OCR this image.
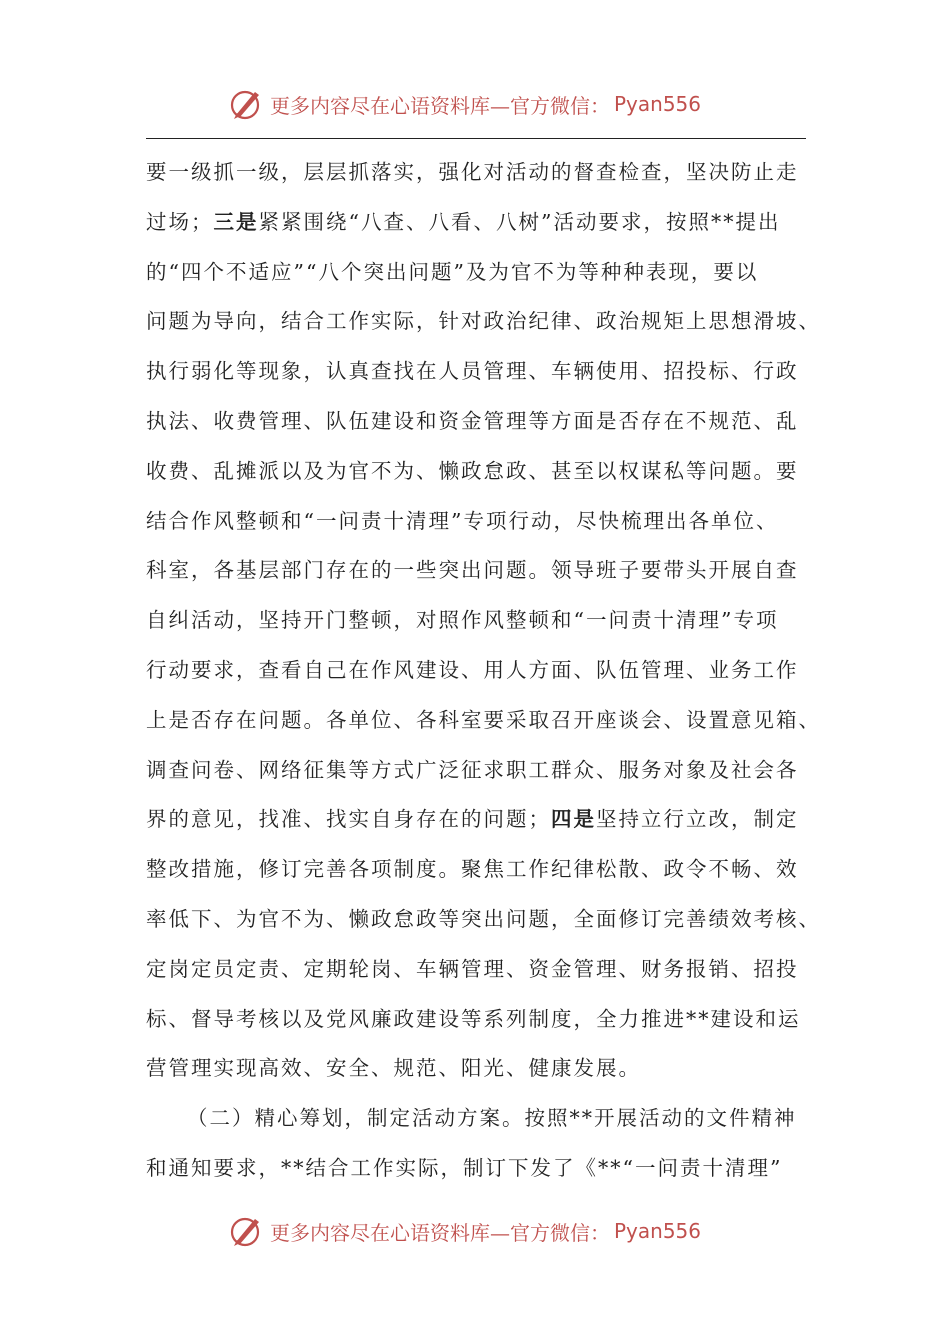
更多内容尽在心语资料库—官方微信： Pyan556
要一级抓一级，层层抓落实，强化对活动的督查检查，坚决防止走
过场；三是紧紧围绕“八查、八看、八树”活动要求，按照**提出
的“四个不适应”“八个突出问题”及为官不为等种种表现，要以
问题为导向，结合工作实际，针对政治纪律、政治规矩上思想滑坡、
执行弱化等现象，认真查找在人员管理、车辆使用、招投标、行政
执法、收费管理、队伍建设和资金管理等方面是否存在不规范、乱
收费、乱摊派以及为官不为、懒政怠政、甚至以权谋私等问题。要
结合作风整顿和“一问责十清理”专项行动，尽快梳理出各单位、
科室，各基层部门存在的一些突出问题。领导班子要带头开展自查
自纠活动，坚持开门整顿，对照作风整顿和“一问责十清理”专项
行动要求，查看自己在作风建设、用人方面、队伍管理、业务工作
上是否存在问题。各单位、各科室要采取召开座谈会、设置意见箱、
调查问卷、网络征集等方式广泛征求职工群众、服务对象及社会各
界的意见，找准、找实自身存在的问题；四是坚持立行立改，制定
整改措施，修订完善各项制度。聚焦工作纪律松散、政令不畅、效
率低下、为官不为、懒政怠政等突出问题，全面修订完善绩效考核、
定岗定员定责、定期轮岗、车辆管理、资金管理、财务报销、招投
标、督导考核以及党风廉政建设等系列制度，全力推进**建设和运
营管理实现高效、安全、规范、阳光、健康发展。
（二）精心筹划，制定活动方案。按照**开展活动的文件精神
和通知要求，**结合工作实际，制订下发了《**“一问责十清理”
更多内容尽在心语资料库—官方微信： Pyan556
